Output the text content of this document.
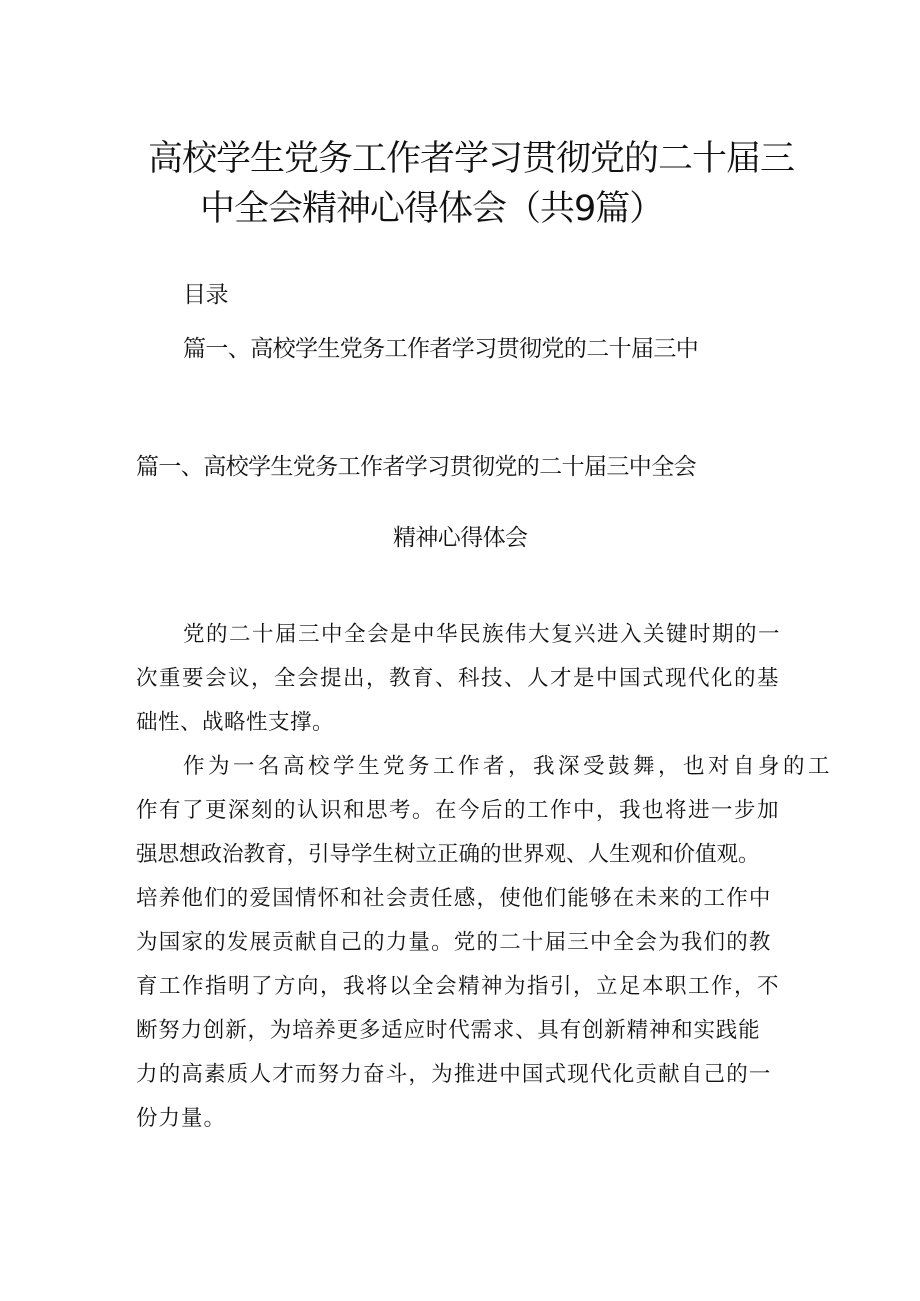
高校学生党务工作者学习贯彻党的二十届三
中全会精神心得体会（共9篇）
目录
篇一、高校学生党务工作者学习贯彻党的二十届三中
篇一、高校学生党务工作者学习贯彻党的二十届三中全会
精神心得体会
党的二十届三中全会是中华民族伟大复兴进入关键时期的一
次重要会议，全会提出，教育、科技、人才是中国式现代化的基
础性、战略性支撑。
作为一名高校学生党务工作者，我深受鼓舞，也对自身的工
作有了更深刻的认识和思考。在今后的工作中，我也将进一步加
强思想政治教育，引导学生树立正确的世界观、人生观和价值观。
培养他们的爱国情怀和社会责任感，使他们能够在未来的工作中
为国家的发展贡献自己的力量。党的二十届三中全会为我们的教
育工作指明了方向，我将以全会精神为指引，立足本职工作，不
断努力创新，为培养更多适应时代需求、具有创新精神和实践能
力的高素质人才而努力奋斗，为推进中国式现代化贡献自己的一
份力量。
